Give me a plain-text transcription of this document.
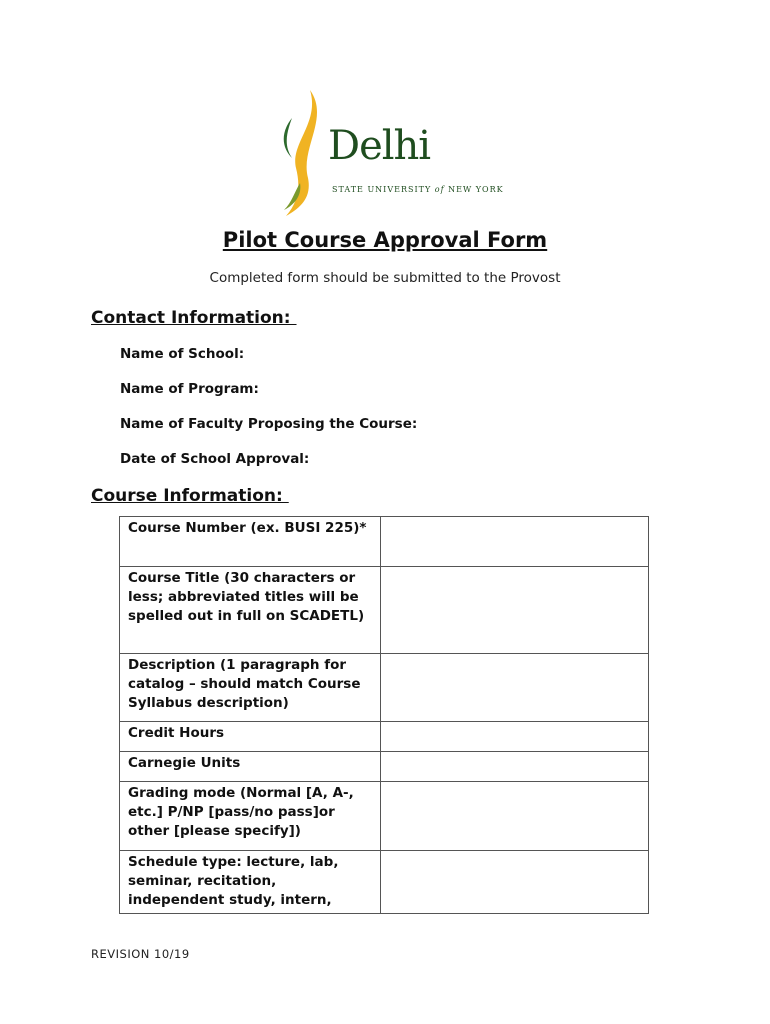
Delhi
STATE UNIVERSITY of NEW YORK
Pilot Course Approval Form
Completed form should be submitted to the Provost
Contact Information:
Name of School:
Name of Program:
Name of Faculty Proposing the Course:
Date of School Approval:
Course Information:
Course Number (ex. BUSI 225)*	
Course Title (30 characters or less; abbreviated titles will be spelled out in full on SCADETL)	
Description (1 paragraph for catalog – should match Course Syllabus description)	
Credit Hours	
Carnegie Units	
Grading mode (Normal [A, A-, etc.] P/NP [pass/no pass]or other [please specify])	
Schedule type: lecture, lab, seminar, recitation, independent study, intern,	
REVISION 10/19
